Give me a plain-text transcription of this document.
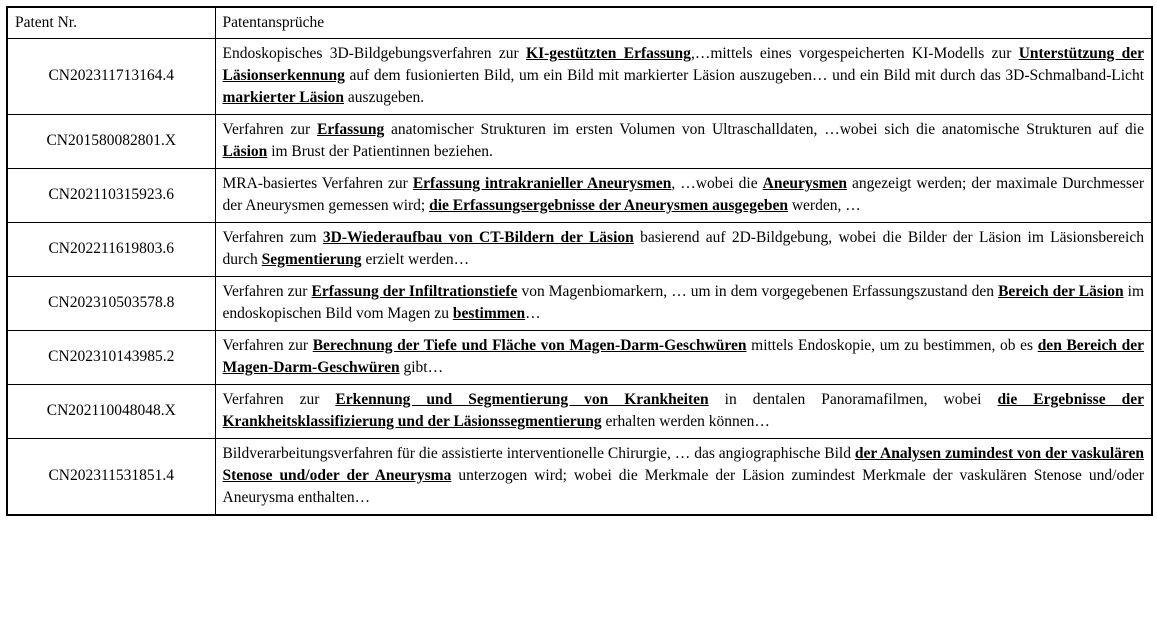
Patent Nr.	Patentansprüche
CN202311713164.4	Endoskopisches 3D-Bildgebungsverfahren zur KI-gestützten Erfassung,…mittels eines vorgespeicherten KI-Modells zur Unterstützung der Läsionserkennung auf dem fusionierten Bild, um ein Bild mit markierter Läsion auszugeben… und ein Bild mit durch das 3D-Schmalband-Licht markierter Läsion auszugeben.
CN201580082801.X	Verfahren zur Erfassung anatomischer Strukturen im ersten Volumen von Ultraschalldaten, …wobei sich die anatomische Strukturen auf die Läsion im Brust der Patientinnen beziehen.
CN202110315923.6	MRA-basiertes Verfahren zur Erfassung intrakranieller Aneurysmen, …wobei die Aneurysmen angezeigt werden; der maximale Durchmesser der Aneurysmen gemessen wird; die Erfassungsergebnisse der Aneurysmen ausgegeben werden, …
CN202211619803.6	Verfahren zum 3D-Wiederaufbau von CT-Bildern der Läsion basierend auf 2D-Bildgebung, wobei die Bilder der Läsion im Läsionsbereich durch Segmentierung erzielt werden…
CN202310503578.8	Verfahren zur Erfassung der Infiltrationstiefe von Magenbiomarkern, … um in dem vorgegebenen Erfassungszustand den Bereich der Läsion im endoskopischen Bild vom Magen zu bestimmen…
CN202310143985.2	Verfahren zur Berechnung der Tiefe und Fläche von Magen-Darm-Geschwüren mittels Endoskopie, um zu bestimmen, ob es den Bereich der Magen-Darm-Geschwüren gibt…
CN202110048048.X	Verfahren zur Erkennung und Segmentierung von Krankheiten in dentalen Panoramafilmen, wobei die Ergebnisse der Krankheitsklassifizierung und der Läsionssegmentierung erhalten werden können…
CN202311531851.4	Bildverarbeitungsverfahren für die assistierte interventionelle Chirurgie, … das angiographische Bild der Analysen zumindest von der vaskulären Stenose und/oder der Aneurysma unterzogen wird; wobei die Merkmale der Läsion zumindest Merkmale der vaskulären Stenose und/oder Aneurysma enthalten…
